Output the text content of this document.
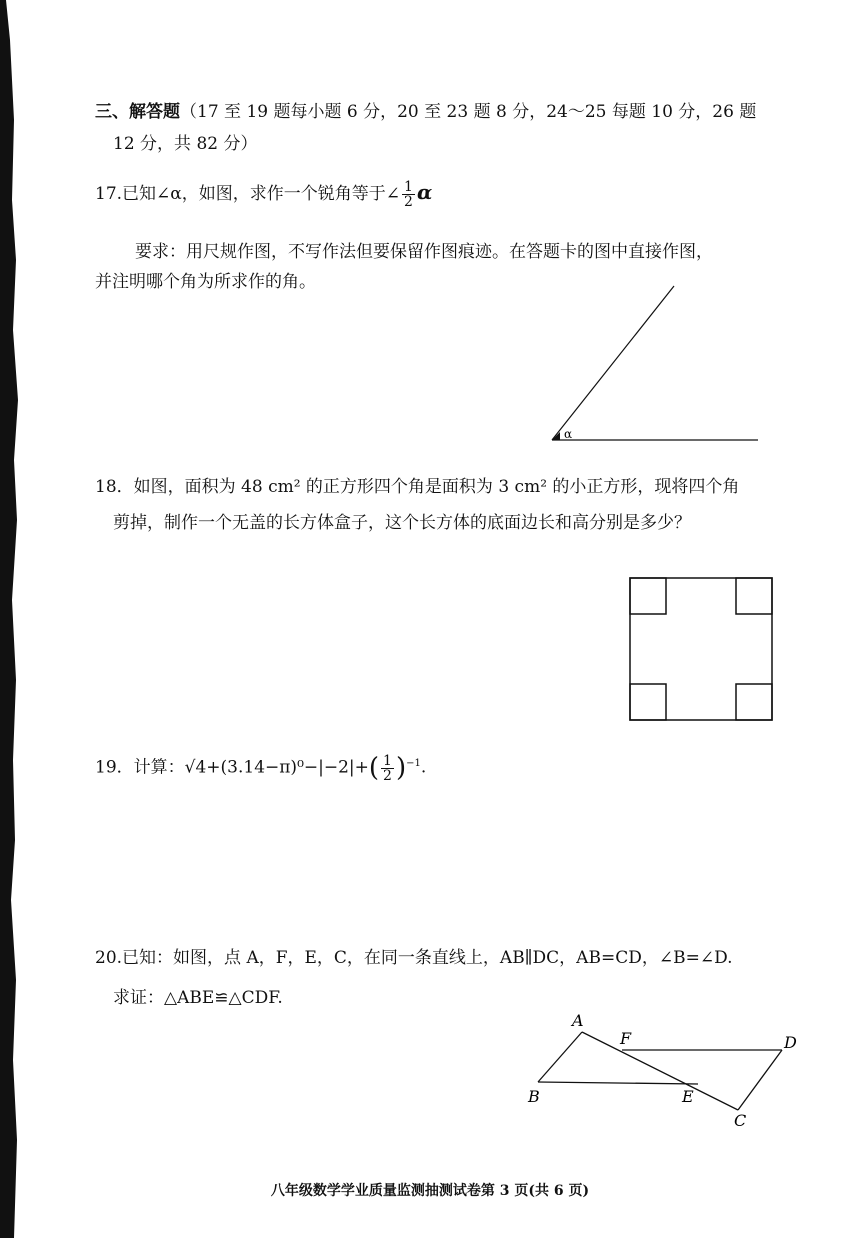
三、解答题（17 至 19 题每小题 6 分，20 至 23 题 8 分，24～25 每题 10 分，26 题
12 分，共 82 分）
17.已知∠α，如图，求作一个锐角等于∠ $\frac{1}{2}$ α
要求：用尺规作图，不写作法但要保留作图痕迹。在答题卡的图中直接作图，
并注明哪个角为所求作的角。
α
18．如图，面积为 48 cm² 的正方形四个角是面积为 3 cm² 的小正方形，现将四个角
剪掉，制作一个无盖的长方体盒子，这个长方体的底面边长和高分别是多少？
19．计算：$√4+(3.14-\pi)^0-|-2|+( \frac{1}{2} )^{-1}$.
20.已知：如图，点 A，F，E，C，在同一条直线上，AB∥DC，AB=CD，∠B=∠D.
求证：△ABE≌△CDF.
A
F	D
B	E
C
八年级数学学业质量监测抽测试卷第 3 页(共 6 页)
